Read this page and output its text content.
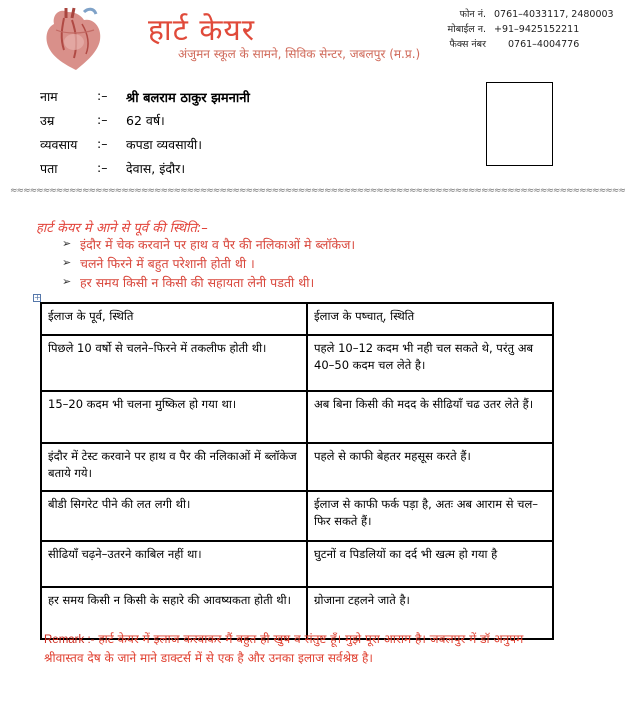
हार्ट केयर
अंजुमन स्कूल के सामने, सिविक सेन्टर, जबलपुर (म.प्र.)
फोन नं. 0761–4033117, 2480003
मोबाईल न. +91–9425152211
फैक्स नंबर 0761–4004776
नाम	:– श्री बलराम ठाकुर झमनानी
उम्र	:– 62 वर्ष।
व्यवसाय	:– कपडा व्यवसायी।
पता	:– देवास, इंदौर।
≈≈≈≈≈≈≈≈≈≈≈≈≈≈≈≈≈≈≈≈≈≈≈≈≈≈≈≈≈≈≈≈≈≈≈≈≈≈≈≈≈≈≈≈≈≈≈≈≈≈≈≈≈≈≈≈≈≈≈≈≈≈≈≈≈≈≈≈≈≈≈≈≈≈≈≈≈≈≈≈≈≈≈≈≈≈≈≈≈≈≈≈≈≈
हार्ट केयर मे आने से पूर्व की स्थिति:–
➢ इंदौर में चेक करवाने पर हाथ व पैर की नलिकाओं मे ब्लॉकेज।
➢ चलने फिरने में बहुत परेशानी होती थी ।
➢ हर समय किसी न किसी की सहायता लेनी पडती थी।
+
ईलाज के पूर्व, स्थिति	ईलाज के पष्चात्, स्थिति
पिछले 10 वर्षो से चलने–फिरने में तकलीफ होती थी।	पहले 10–12 कदम भी नही चल सकते थे, परंतु अब 40–50 कदम चल लेते है।
15–20 कदम भी चलना मुष्किल हो गया था।	अब बिना किसी की मदद के सीढियॉं चढ उतर लेते हैं।
इंदौर में टेस्ट करवाने पर हाथ व पैर की नलिकाओं में ब्लॉकेज बताये गये।	पहले से काफी बेहतर महसूस करते हैं।
बीडी सिगरेट पीने की लत लगी थी।	ईलाज से काफी फर्क पड़ा है, अतः अब आराम से चल–फिर सकते हैं।
सीढियॉं चढ़ने–उतरने काबिल नहीं था।	घुटनों व पिडलियों का दर्द भी खत्म हो गया है
हर समय किसी न किसी के सहारे की आवष्यकता होती थी।	ग्रोजाना टहलने जाते है।
Remark :- हार्ट केयर में इलाज करवाकर मैं बहुत ही खुष व संतुष्ट हूँ। मुझे पूरा आराम है। जबलपुर में डॉ अनुपम श्रीवास्तव देष के जाने माने डाक्टर्स में से एक है और उनका इलाज सर्वश्रेष्ठ है।
